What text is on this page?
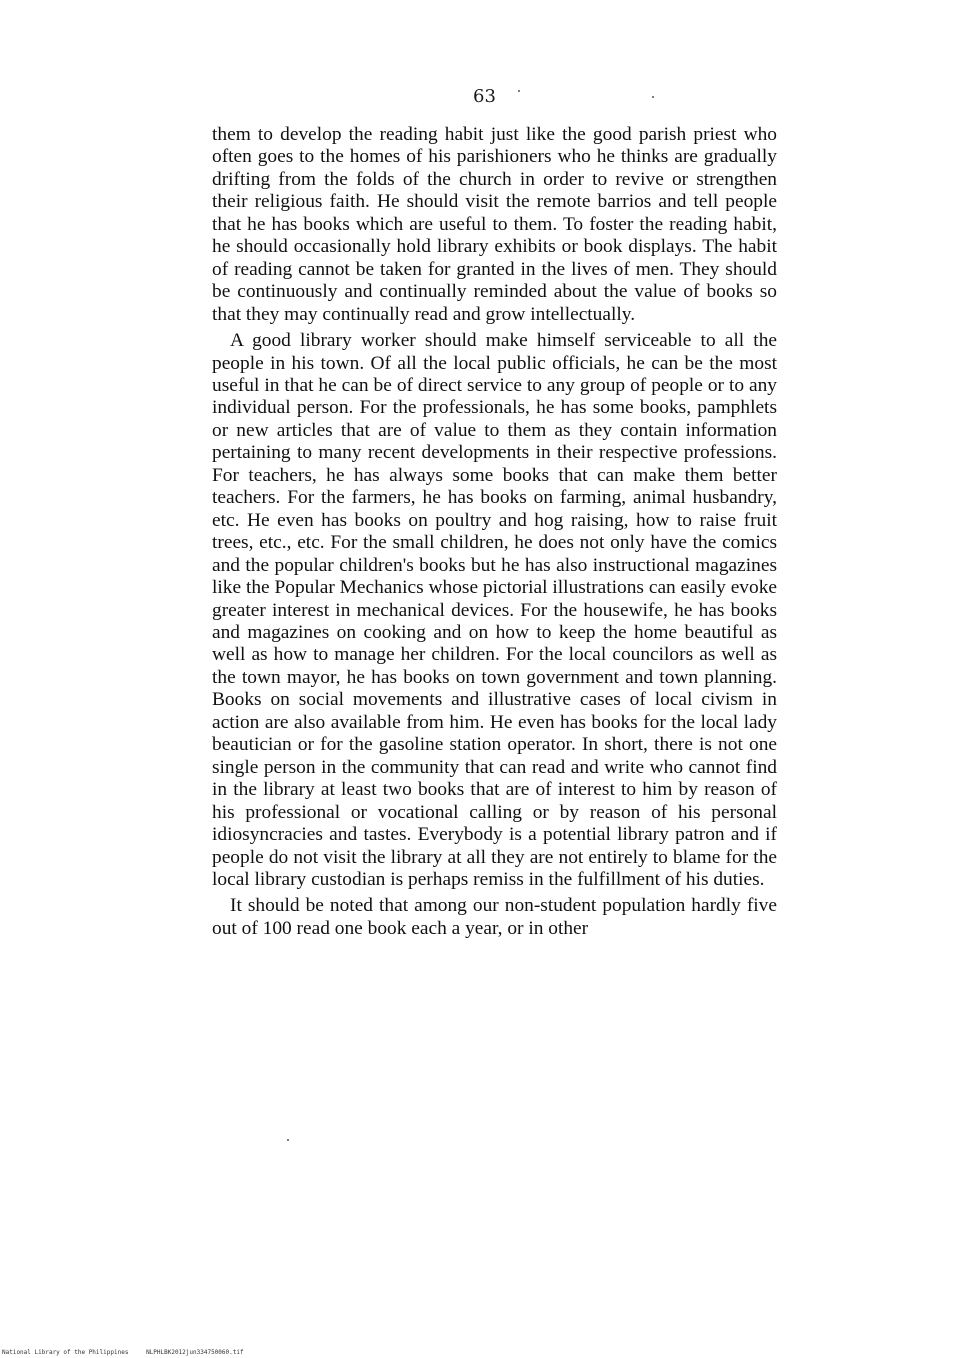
63

them to develop the reading habit just like the good parish priest who often goes to the homes of his parishioners who he thinks are gradually drifting from the folds of the church in order to revive or strengthen their religious faith. He should visit the remote barrios and tell people that he has books which are useful to them. To foster the reading habit, he should occasionally hold library exhibits or book displays. The habit of reading cannot be taken for granted in the lives of men. They should be continuously and continually reminded about the value of books so that they may continually read and grow intellectually.

A good library worker should make himself serviceable to all the people in his town. Of all the local public officials, he can be the most useful in that he can be of direct service to any group of people or to any individual person. For the professionals, he has some books, pamphlets or new articles that are of value to them as they contain information pertaining to many recent developments in their respective professions. For teachers, he has always some books that can make them better teachers. For the farmers, he has books on farming, animal husbandry, etc. He even has books on poultry and hog raising, how to raise fruit trees, etc., etc. For the small children, he does not only have the comics and the popular children's books but he has also instructional magazines like the Popular Mechanics whose pictorial illustrations can easily evoke greater interest in mechanical devices. For the housewife, he has books and magazines on cooking and on how to keep the home beautiful as well as how to manage her children. For the local councilors as well as the town mayor, he has books on town government and town planning. Books on social movements and illustrative cases of local civism in action are also available from him. He even has books for the local lady beautician or for the gasoline station operator. In short, there is not one single person in the community that can read and write who cannot find in the library at least two books that are of interest to him by reason of his professional or vocational calling or by reason of his personal idiosyncracies and tastes. Everybody is a potential library patron and if people do not visit the library at all they are not entirely to blame for the local library custodian is perhaps remiss in the fulfillment of his duties.

It should be noted that among our non-student population hardly five out of 100 read one book each a year, or in other

National Library of the Philippines	NLPHLBK2012jun334750060.tif
